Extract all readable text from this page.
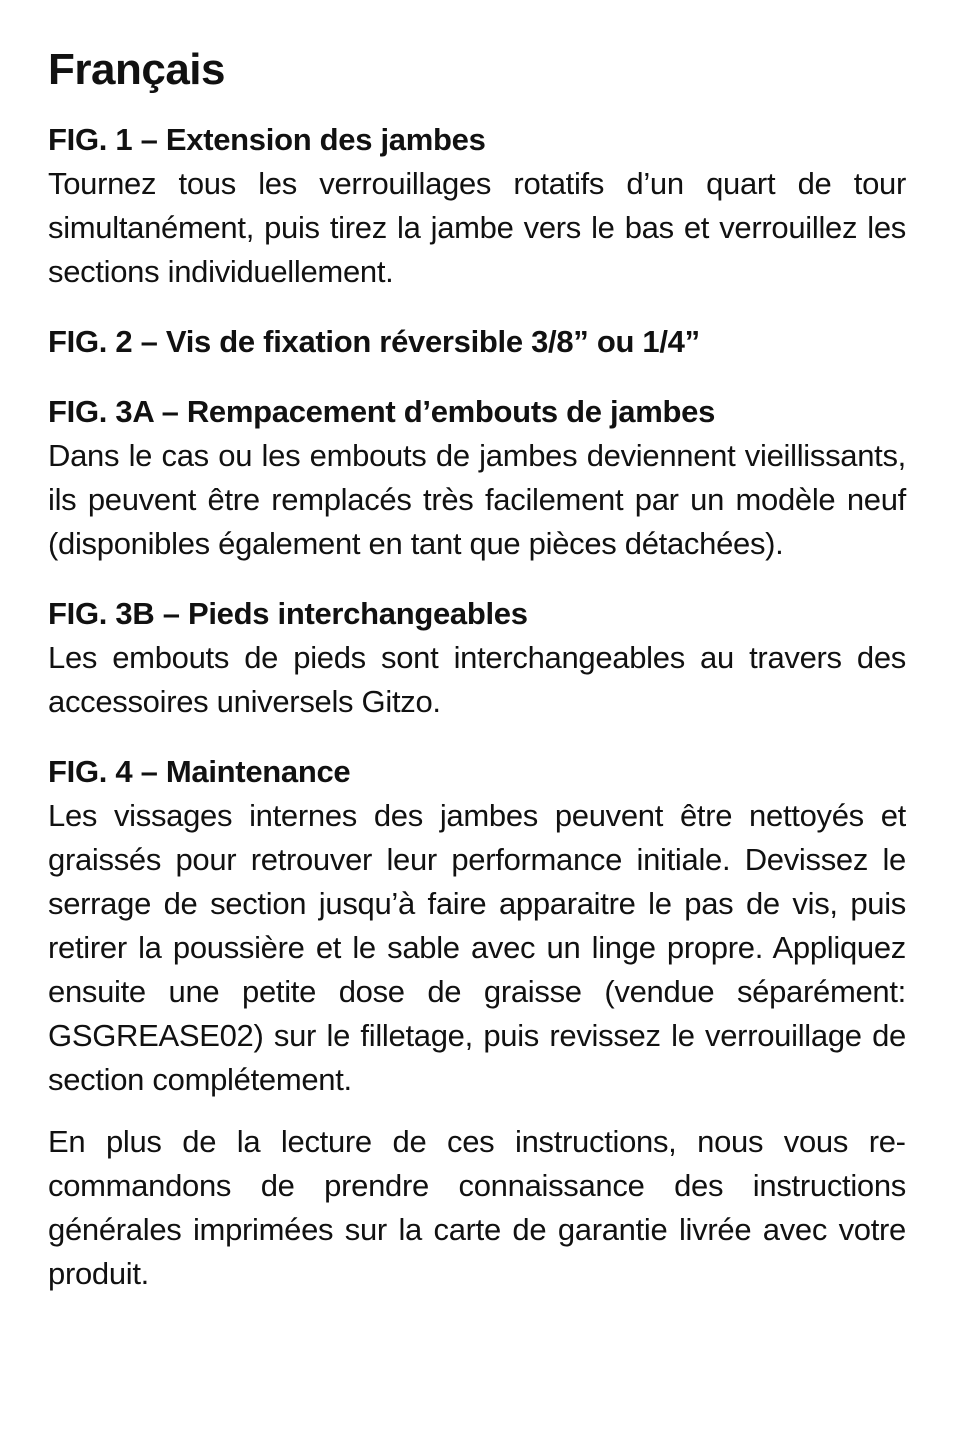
Français

FIG. 1 – Extension des jambes

Tournez tous les verrouillages rotatifs d’un quart de tour simultanément, puis tirez la jambe vers le bas et verrouillez les sections individuellement.

FIG. 2 – Vis de fixation réversible 3/8” ou 1/4”

FIG. 3A – Rempacement d’embouts de jambes

Dans le cas ou les embouts de jambes deviennent vieillissants, ils peuvent être remplacés très facilement par un modèle neuf (disponibles également en tant que pièces détachées).

FIG. 3B – Pieds interchangeables

Les embouts de pieds sont interchangeables au travers des accessoires universels Gitzo.

FIG. 4 – Maintenance

Les vissages internes des jambes peuvent être nettoyés et graissés pour retrouver leur performance initiale. Devissez le serrage de section jusqu’à faire apparaitre le pas de vis, puis retirer la poussière et le sable avec un linge propre. Appliquez ensuite une petite dose de graisse (vendue séparément: GSGREASE02) sur le filletage, puis revissez le verrouillage de section complétement.

En plus de la lecture de ces instructions, nous vous recommandons de prendre connaissance des instructions générales imprimées sur la carte de garantie livrée avec votre produit.
